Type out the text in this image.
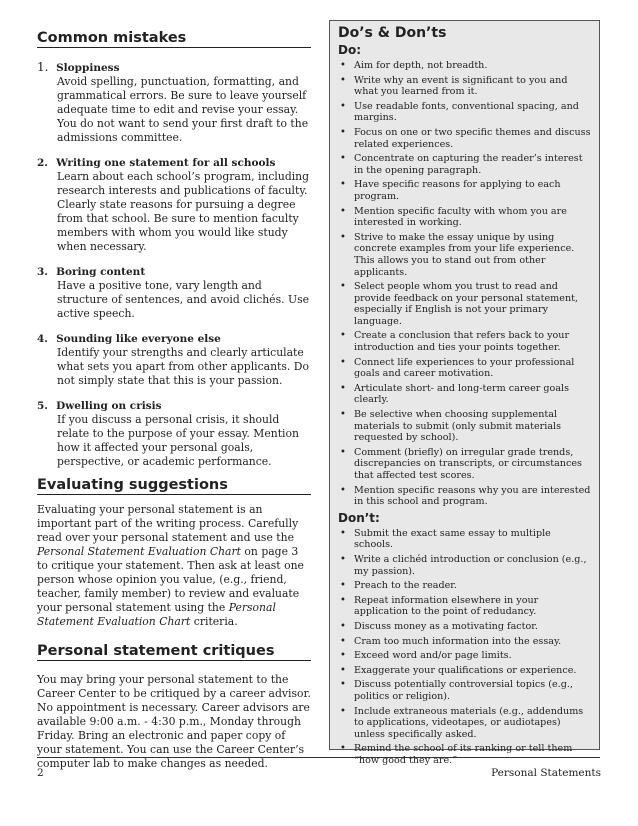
Common mistakes
1. Sloppiness
Avoid spelling, punctuation, formatting, and grammatical errors. Be sure to leave yourself adequate time to edit and revise your essay. You do not want to send your first draft to the admissions committee.
2. Writing one statement for all schools
Learn about each school’s program, including research interests and publications of faculty. Clearly state reasons for pursuing a degree from that school. Be sure to mention faculty members with whom you would like study when necessary.
3. Boring content
Have a positive tone, vary length and structure of sentences, and avoid clichés. Use active speech.
4. Sounding like everyone else
Identify your strengths and clearly articulate what sets you apart from other applicants. Do not simply state that this is your passion.
5. Dwelling on crisis
If you discuss a personal crisis, it should relate to the purpose of your essay. Mention how it affected your personal goals, perspective, or academic performance.
Evaluating suggestions

Evaluating your personal statement is an important part of the writing process. Carefully read over your personal statement and use the Personal Statement Evaluation Chart on page 3 to critique your statement. Then ask at least one person whose opinion you value, (e.g., friend, teacher, family member) to review and evaluate your personal statement using the Personal Statement Evaluation Chart criteria.

Personal statement critiques

You may bring your personal statement to the Career Center to be critiqued by a career advisor. No appointment is necessary. Career advisors are available 9:00 a.m. - 4:30 p.m., Monday through Friday. Bring an electronic and paper copy of your statement. You can use the Career Center’s computer lab to make changes as needed.

Do’s & Don’ts
Do:
• Aim for depth, not breadth.
• Write why an event is significant to you and what you learned from it.
• Use readable fonts, conventional spacing, and margins.
• Focus on one or two specific themes and discuss related experiences.
• Concentrate on capturing the reader’s interest in the opening paragraph.
• Have specific reasons for applying to each program.
• Mention specific faculty with whom you are interested in working.
• Strive to make the essay unique by using concrete examples from your life experience. This allows you to stand out from other applicants.
• Select people whom you trust to read and provide feedback on your personal statement, especially if English is not your primary language.
• Create a conclusion that refers back to your introduction and ties your points together.
• Connect life experiences to your professional goals and career motivation.
• Articulate short- and long-term career goals clearly.
• Be selective when choosing supplemental materials to submit (only submit materials requested by school).
• Comment (briefly) on irregular grade trends, discrepancies on transcripts, or circumstances that affected test scores.
• Mention specific reasons why you are interested in this school and program.
Don’t:
• Submit the exact same essay to multiple schools.
• Write a clichéd introduction or conclusion (e.g., my passion).
• Preach to the reader.
• Repeat information elsewhere in your application to the point of redudancy.
• Discuss money as a motivating factor.
• Cram too much information into the essay.
• Exceed word and/or page limits.
• Exaggerate your qualifications or experience.
• Discuss potentially controversial topics (e.g., politics or religion).
• Include extraneous materials (e.g., addendums to applications, videotapes, or audiotapes) unless specifically asked.
• Remind the school of its ranking or tell them “how good they are.”
2	Personal Statements
